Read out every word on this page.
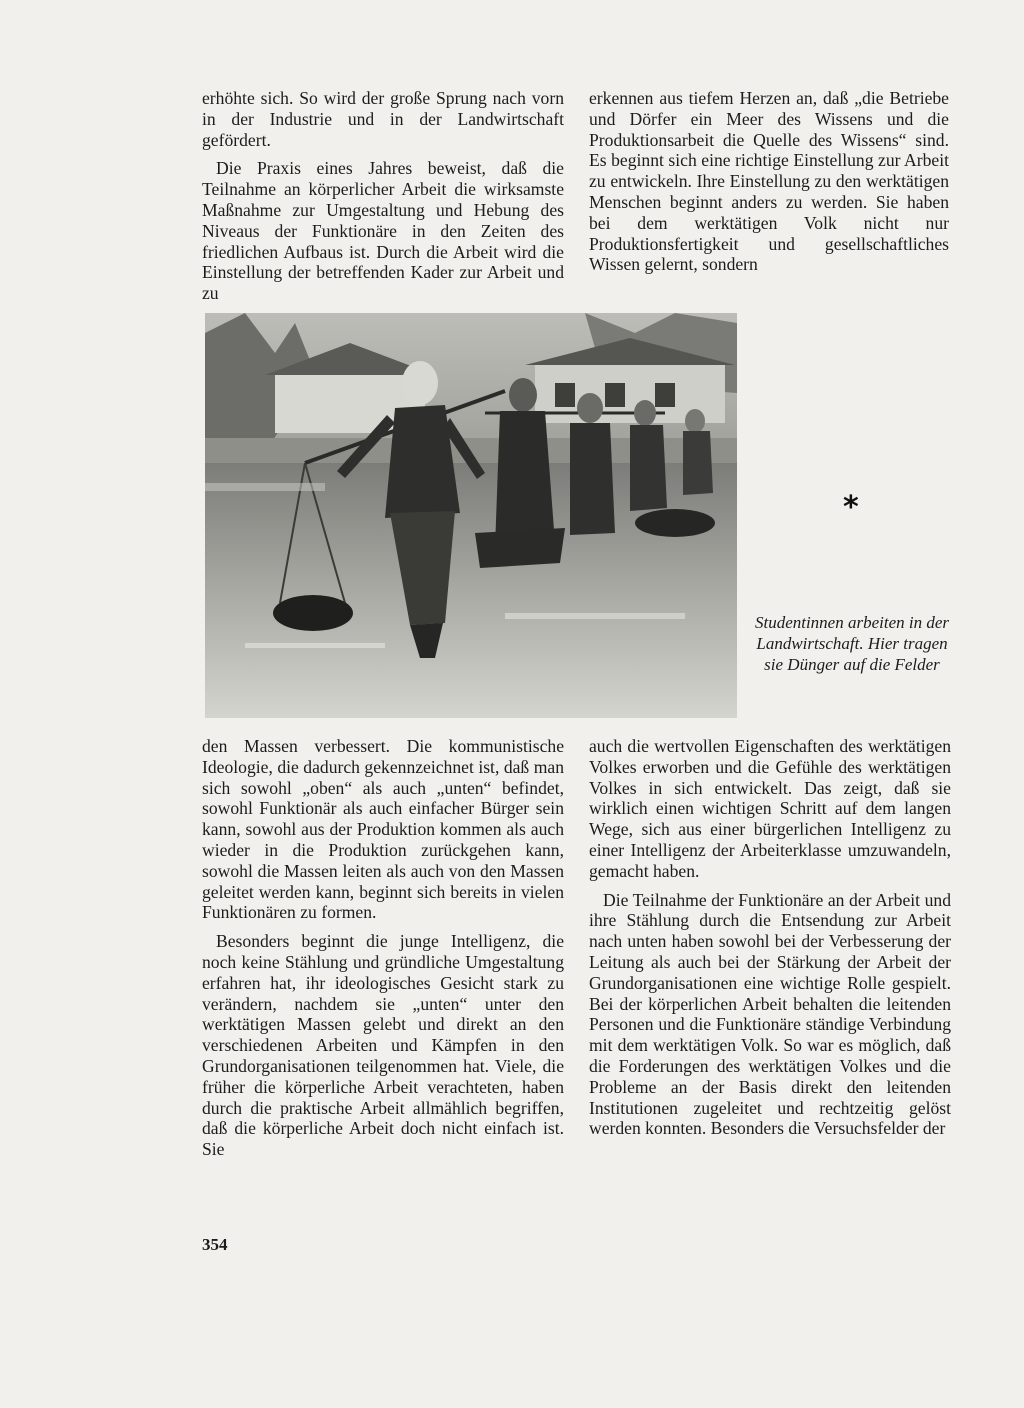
erhöhte sich. So wird der große Sprung nach vorn in der Industrie und in der Landwirtschaft gefördert.

Die Praxis eines Jahres beweist, daß die Teilnahme an körperlicher Arbeit die wirksamste Maßnahme zur Umgestaltung und Hebung des Niveaus der Funktionäre in den Zeiten des friedlichen Aufbaus ist. Durch die Arbeit wird die Einstellung der betreffenden Kader zur Arbeit und zu

erkennen aus tiefem Herzen an, daß „die Betriebe und Dörfer ein Meer des Wissens und die Produktionsarbeit die Quelle des Wissens“ sind. Es beginnt sich eine richtige Einstellung zur Arbeit zu entwickeln. Ihre Einstellung zu den werktätigen Menschen beginnt anders zu werden. Sie haben bei dem werktätigen Volk nicht nur Produktionsfertigkeit und gesellschaftliches Wissen gelernt, sondern

*
Studentinnen arbeiten in der Landwirtschaft. Hier tragen sie Dünger auf die Felder

den Massen verbessert. Die kommunistische Ideologie, die dadurch gekennzeichnet ist, daß man sich sowohl „oben“ als auch „unten“ befindet, sowohl Funktionär als auch einfacher Bürger sein kann, sowohl aus der Produktion kommen als auch wieder in die Produktion zurückgehen kann, sowohl die Massen leiten als auch von den Massen geleitet werden kann, beginnt sich bereits in vielen Funktionären zu formen.

Besonders beginnt die junge Intelligenz, die noch keine Stählung und gründliche Umgestaltung erfahren hat, ihr ideologisches Gesicht stark zu verändern, nachdem sie „unten“ unter den werktätigen Massen gelebt und direkt an den verschiedenen Arbeiten und Kämpfen in den Grundorganisationen teilgenommen hat. Viele, die früher die körperliche Arbeit verachteten, haben durch die praktische Arbeit allmählich begriffen, daß die körperliche Arbeit doch nicht einfach ist. Sie

auch die wertvollen Eigenschaften des werktätigen Volkes erworben und die Gefühle des werktätigen Volkes in sich entwickelt. Das zeigt, daß sie wirklich einen wichtigen Schritt auf dem langen Wege, sich aus einer bürgerlichen Intelligenz zu einer Intelligenz der Arbeiterklasse umzuwandeln, gemacht haben.

Die Teilnahme der Funktionäre an der Arbeit und ihre Stählung durch die Entsendung zur Arbeit nach unten haben sowohl bei der Verbesserung der Leitung als auch bei der Stärkung der Arbeit der Grundorganisationen eine wichtige Rolle gespielt. Bei der körperlichen Arbeit behalten die leitenden Personen und die Funktionäre ständige Verbindung mit dem werktätigen Volk. So war es möglich, daß die Forderungen des werktätigen Volkes und die Probleme an der Basis direkt den leitenden Institutionen zugeleitet und rechtzeitig gelöst werden konnten. Besonders die Versuchsfelder der

354
